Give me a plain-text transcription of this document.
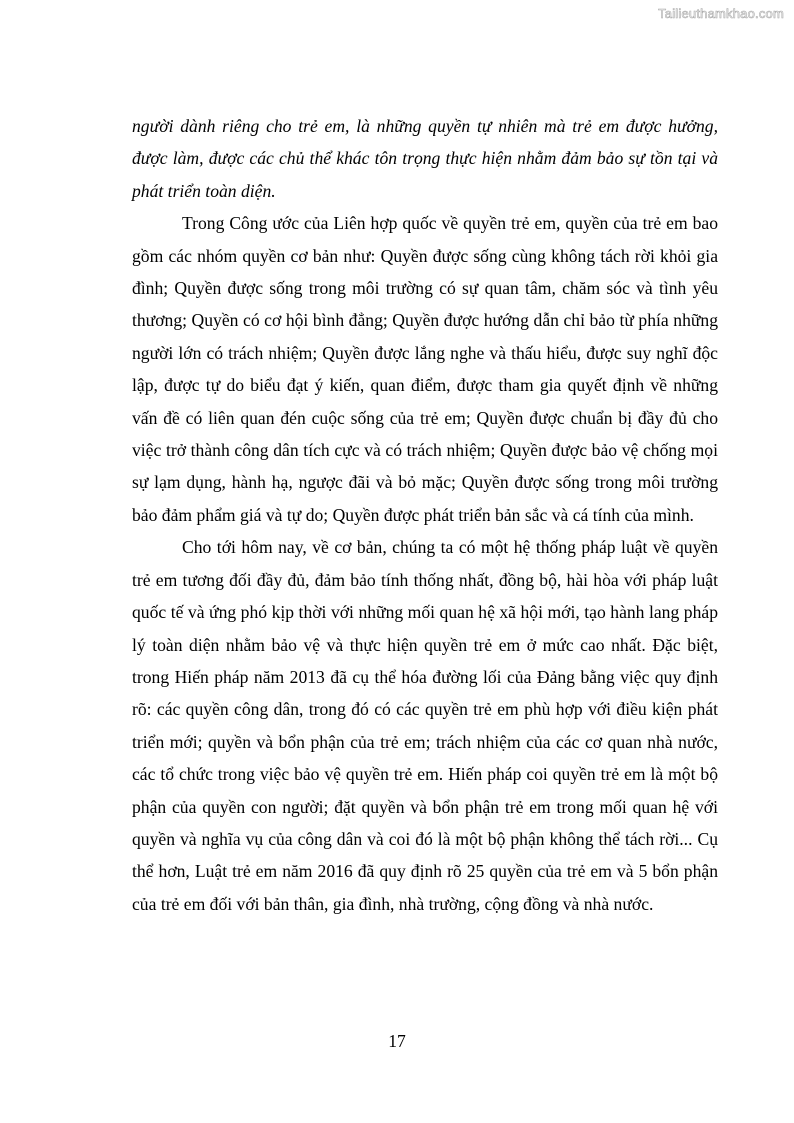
Tailieuthamkhao.com

người dành riêng cho trẻ em, là những quyền tự nhiên mà trẻ em được hưởng, được làm, được các chủ thể khác tôn trọng thực hiện nhằm đảm bảo sự tồn tại và phát triển toàn diện.

Trong Công ước của Liên hợp quốc về quyền trẻ em, quyền của trẻ em bao gồm các nhóm quyền cơ bản như: Quyền được sống cùng không tách rời khỏi gia đình; Quyền được sống trong môi trường có sự quan tâm, chăm sóc và tình yêu thương; Quyền có cơ hội bình đẳng; Quyền được hướng dẫn chỉ bảo từ phía những người lớn có trách nhiệm; Quyền được lắng nghe và thấu hiểu, được suy nghĩ độc lập, được tự do biểu đạt ý kiến, quan điểm, được tham gia quyết định về những vấn đề có liên quan đén cuộc sống của trẻ em; Quyền được chuẩn bị đầy đủ cho việc trở thành công dân tích cực và có trách nhiệm; Quyền được bảo vệ chống mọi sự lạm dụng, hành hạ, ngược đãi và bỏ mặc; Quyền được sống trong môi trường bảo đảm phẩm giá và tự do; Quyền được phát triển bản sắc và cá tính của mình.

Cho tới hôm nay, về cơ bản, chúng ta có một hệ thống pháp luật về quyền trẻ em tương đối đầy đủ, đảm bảo tính thống nhất, đồng bộ, hài hòa với pháp luật quốc tế và ứng phó kịp thời với những mối quan hệ xã hội mới, tạo hành lang pháp lý toàn diện nhằm bảo vệ và thực hiện quyền trẻ em ở mức cao nhất. Đặc biệt, trong Hiến pháp năm 2013 đã cụ thể hóa đường lối của Đảng bằng việc quy định rõ: các quyền công dân, trong đó có các quyền trẻ em phù hợp với điều kiện phát triển mới; quyền và bổn phận của trẻ em; trách nhiệm của các cơ quan nhà nước, các tổ chức trong việc bảo vệ quyền trẻ em. Hiến pháp coi quyền trẻ em là một bộ phận của quyền con người; đặt quyền và bổn phận trẻ em trong mối quan hệ với quyền và nghĩa vụ của công dân và coi đó là một bộ phận không thể tách rời... Cụ thể hơn, Luật trẻ em năm 2016 đã quy định rõ 25 quyền của trẻ em và 5 bổn phận của trẻ em đối với bản thân, gia đình, nhà trường, cộng đồng và nhà nước.

17
